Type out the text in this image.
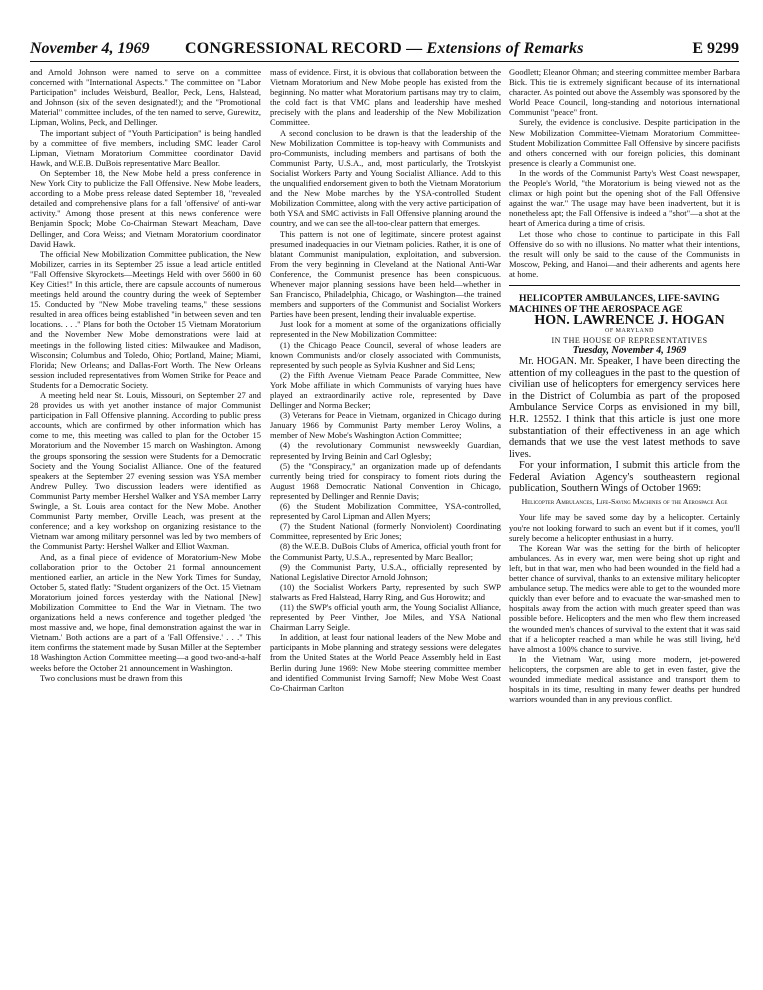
November 4, 1969 CONGRESSIONAL RECORD — Extensions of Remarks	E 9299

and Arnold Johnson were named to serve on a committee concerned with "International Aspects." The committee on "Labor Participation" includes Weisburd, Beallor, Peck, Lens, Halstead, and Johnson (six of the seven designated!); and the "Promotional Material" committee includes, of the ten named to serve, Gurewitz, Lipman, Wolins, Peck, and Dellinger.

The important subject of "Youth Participation" is being handled by a committee of five members, including SMC leader Carol Lipman, Vietnam Moratorium Committee coordinator David Hawk, and W.E.B. DuBois representative Marc Beallor.

On September 18, the New Mobe held a press conference in New York City to publicize the Fall Offensive. New Mobe leaders, according to a Mobe press release dated September 18, "revealed detailed and comprehensive plans for a fall 'offensive' of anti-war activity." Among those present at this news conference were Benjamin Spock; Mobe Co-Chairman Stewart Meacham, Dave Dellinger, and Cora Weiss; and Vietnam Moratorium coordinator David Hawk.

The official New Mobilization Committee publication, the New Mobilizer, carries in its September 25 issue a lead article entitled "Fall Offensive Skyrockets—Meetings Held with over 5600 in 60 Key Cities!" In this article, there are capsule accounts of numerous meetings held around the country during the week of September 15. Conducted by "New Mobe traveling teams," these sessions resulted in area offices being established "in between seven and ten locations. . . ." Plans for both the October 15 Vietnam Moratorium and the November New Mobe demonstrations were laid at meetings in the following listed cities: Milwaukee and Madison, Wisconsin; Columbus and Toledo, Ohio; Portland, Maine; Miami, Florida; New Orleans; and Dallas-Fort Worth. The New Orleans session included representatives from Women Strike for Peace and Students for a Democratic Society.

A meeting held near St. Louis, Missouri, on September 27 and 28 provides us with yet another instance of major Communist participation in Fall Offensive planning. According to public press accounts, which are confirmed by other information which has come to me, this meeting was called to plan for the October 15 Moratorium and the November 15 march on Washington. Among the groups sponsoring the session were Students for a Democratic Society and the Young Socialist Alliance. One of the featured speakers at the September 27 evening session was YSA member Andrew Pulley. Two discussion leaders were identified as Communist Party member Hershel Walker and YSA member Larry Swingle, a St. Louis area contact for the New Mobe. Another Communist Party member, Orville Leach, was present at the conference; and a key workshop on organizing resistance to the Vietnam war among military personnel was led by two members of the Communist Party: Hershel Walker and Elliot Waxman.

And, as a final piece of evidence of Moratorium-New Mobe collaboration prior to the October 21 formal announcement mentioned earlier, an article in the New York Times for Sunday, October 5, stated flatly: "Student organizers of the Oct. 15 Vietnam Moratorium joined forces yesterday with the National [New] Mobilization Committee to End the War in Vietnam. The two organizations held a news conference and together pledged 'the most massive and, we hope, final demonstration against the war in Vietnam.' Both actions are a part of a 'Fall Offensive.' . . ." This item confirms the statement made by Susan Miller at the September 18 Washington Action Committee meeting—a good two-and-a-half weeks before the October 21 announcement in Washington.

Two conclusions must be drawn from this

mass of evidence. First, it is obvious that collaboration between the Vietnam Moratorium and New Mobe people has existed from the beginning. No matter what Moratorium partisans may try to claim, the cold fact is that VMC plans and leadership have meshed precisely with the plans and leadership of the New Mobilization Committee.

A second conclusion to be drawn is that the leadership of the New Mobilization Committee is top-heavy with Communists and pro-Communists, including members and partisans of both the Communist Party, U.S.A., and, most particularly, the Trotskyist Socialist Workers Party and Young Socialist Alliance. Add to this the unqualified endorsement given to both the Vietnam Moratorium and the New Mobe marches by the YSA-controlled Student Mobilization Committee, along with the very active participation of both YSA and SMC activists in Fall Offensive planning around the country, and we can see the all-too-clear pattern that emerges.

This pattern is not one of legitimate, sincere protest against presumed inadequacies in our Vietnam policies. Rather, it is one of blatant Communist manipulation, exploitation, and subversion. From the very beginning in Cleveland at the National Anti-War Conference, the Communist presence has been conspicuous. Whenever major planning sessions have been held—whether in San Francisco, Philadelphia, Chicago, or Washington—the trained members and supporters of the Communist and Socialist Workers Parties have been present, lending their invaluable expertise.

Just look for a moment at some of the organizations officially represented in the New Mobilization Committee:

(1) the Chicago Peace Council, several of whose leaders are known Communists and/or closely associated with Communists, represented by such people as Sylvia Kushner and Sid Lens;

(2) the Fifth Avenue Vietnam Peace Parade Committee, New York Mobe affiliate in which Communists of varying hues have played an extraordinarily active role, represented by Dave Dellinger and Norma Becker;

(3) Veterans for Peace in Vietnam, organized in Chicago during January 1966 by Communist Party member Leroy Wolins, a member of New Mobe's Washington Action Committee;

(4) the revolutionary Communist newsweekly Guardian, represented by Irving Beinin and Carl Oglesby;

(5) the "Conspiracy," an organization made up of defendants currently being tried for conspiracy to foment riots during the August 1968 Democratic National Convention in Chicago, represented by Dellinger and Rennie Davis;

(6) the Student Mobilization Committee, YSA-controlled, represented by Carol Lipman and Allen Myers;

(7) the Student National (formerly Nonviolent) Coordinating Committee, represented by Eric Jones;

(8) the W.E.B. DuBois Clubs of America, official youth front for the Communist Party, U.S.A., represented by Marc Beallor;

(9) the Communist Party, U.S.A., officially represented by National Legislative Director Arnold Johnson;

(10) the Socialist Workers Party, represented by such SWP stalwarts as Fred Halstead, Harry Ring, and Gus Horowitz; and

(11) the SWP's official youth arm, the Young Socialist Alliance, represented by Peer Vinther, Joe Miles, and YSA National Chairman Larry Seigle.

In addition, at least four national leaders of the New Mobe and participants in Mobe planning and strategy sessions were delegates from the United States at the World Peace Assembly held in East Berlin during June 1969: New Mobe steering committee member and identified Communist Irving Sarnoff; New Mobe West Coast Co-Chairman Carlton

Goodlett; Eleanor Ohman; and steering committee member Barbara Bick. This tie is extremely significant because of its international character. As pointed out above the Assembly was sponsored by the World Peace Council, long-standing and notorious international Communist "peace" front.

Surely, the evidence is conclusive. Despite participation in the New Mobilization Committee-Vietnam Moratorium Committee-Student Mobilization Committee Fall Offensive by sincere pacifists and others concerned with our foreign policies, this dominant presence is clearly a Communist one.

In the words of the Communist Party's West Coast newspaper, the People's World, "the Moratorium is being viewed not as the climax or high point but the opening shot of the Fall Offensive against the war." The usage may have been inadvertent, but it is nonetheless apt; the Fall Offensive is indeed a "shot"—a shot at the heart of America during a time of crisis.

Let those who chose to continue to participate in this Fall Offensive do so with no illusions. No matter what their intentions, the result will only be said to the cause of the Communists in Moscow, Peking, and Hanoi—and their adherents and agents here at home.

HELICOPTER AMBULANCES, LIFE-SAVING MACHINES OF THE AEROSPACE AGE

HON. LAWRENCE J. HOGAN

OF MARYLAND

IN THE HOUSE OF REPRESENTATIVES

Tuesday, November 4, 1969

Mr. HOGAN. Mr. Speaker, I have been directing the attention of my colleagues in the past to the question of civilian use of helicopters for emergency services here in the District of Columbia as part of the proposed Ambulance Service Corps as envisioned in my bill, H.R. 12552. I think that this article is just one more substantiation of their effectiveness in an age which demands that we use the vest latest methods to save lives.

For your information, I submit this article from the Federal Aviation Agency's southeastern regional publication, Southern Wings of October 1969:

Helicopter Ambulances, Life-Saving Machines of the Aerospace Age

Your life may be saved some day by a helicopter. Certainly you're not looking forward to such an event but if it comes, you'll surely become a helicopter enthusiast in a hurry.

The Korean War was the setting for the birth of helicopter ambulances. As in every war, men were being shot up right and left, but in that war, men who had been wounded in the field had a better chance of survival, thanks to an extensive military helicopter ambulance setup. The medics were able to get to the wounded more quickly than ever before and to evacuate the war-smashed men to hospitals away from the action with much greater speed than was possible before. Helicopters and the men who flew them increased the wounded men's chances of survival to the extent that it was said that if a helicopter reached a man while he was still living, he'd have almost a 100% chance to survive.

In the Vietnam War, using more modern, jet-powered helicopters, the corpsmen are able to get in even faster, give the wounded immediate medical assistance and transport them to hospitals in its time, resulting in many fewer deaths per hundred warriors wounded than in any previous conflict.
